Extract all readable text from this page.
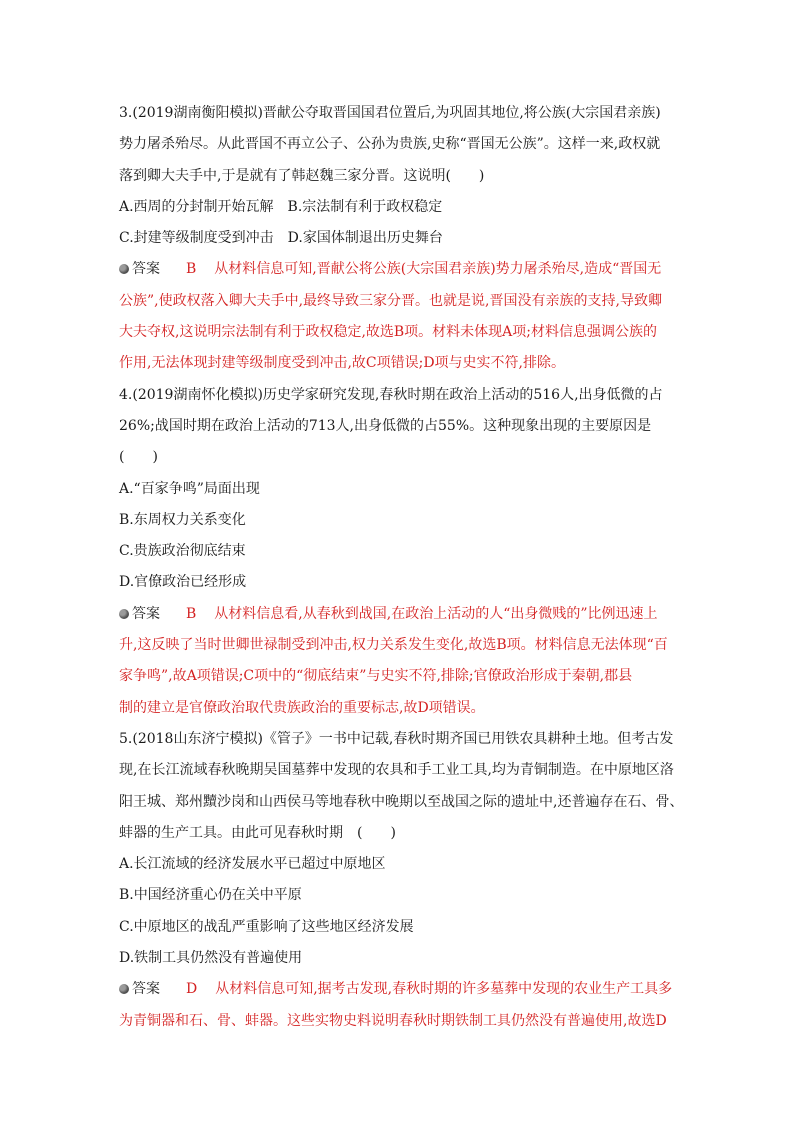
3.(2019湖南衡阳模拟)晋献公夺取晋国国君位置后,为巩固其地位,将公族(大宗国君亲族)
势力屠杀殆尽。从此晋国不再立公子、公孙为贵族,史称“晋国无公族”。这样一来,政权就
落到卿大夫手中,于是就有了韩赵魏三家分晋。这说明(　　)
A.西周的分封制开始瓦解　B.宗法制有利于政权稳定
C.封建等级制度受到冲击　D.家国体制退出历史舞台
答案 B 从材料信息可知,晋献公将公族(大宗国君亲族)势力屠杀殆尽,造成“晋国无
公族”,使政权落入卿大夫手中,最终导致三家分晋。也就是说,晋国没有亲族的支持,导致卿
大夫夺权,这说明宗法制有利于政权稳定,故选B项。材料未体现A项;材料信息强调公族的
作用,无法体现封建等级制度受到冲击,故C项错误;D项与史实不符,排除。
4.(2019湖南怀化模拟)历史学家研究发现,春秋时期在政治上活动的516人,出身低微的占
26%;战国时期在政治上活动的713人,出身低微的占55%。这种现象出现的主要原因是
(　　)
A.“百家争鸣”局面出现
B.东周权力关系变化
C.贵族政治彻底结束
D.官僚政治已经形成
答案 B 从材料信息看,从春秋到战国,在政治上活动的人“出身微贱的”比例迅速上
升,这反映了当时世卿世禄制受到冲击,权力关系发生变化,故选B项。材料信息无法体现“百
家争鸣”,故A项错误;C项中的“彻底结束”与史实不符,排除;官僚政治形成于秦朝,郡县
制的建立是官僚政治取代贵族政治的重要标志,故D项错误。
5.(2018山东济宁模拟)《管子》一书中记载,春秋时期齐国已用铁农具耕种土地。但考古发
现,在长江流域春秋晚期吴国墓葬中发现的农具和手工业工具,均为青铜制造。在中原地区洛
阳王城、郑州黷沙岗和山西侯马等地春秋中晚期以至战国之际的遗址中,还普遍存在石、骨、
蚌器的生产工具。由此可见春秋时期　(　　)
A.长江流域的经济发展水平已超过中原地区
B.中国经济重心仍在关中平原
C.中原地区的战乱严重影响了这些地区经济发展
D.铁制工具仍然没有普遍使用
答案 D 从材料信息可知,据考古发现,春秋时期的许多墓葬中发现的农业生产工具多
为青铜器和石、骨、蚌器。这些实物史料说明春秋时期铁制工具仍然没有普遍使用,故选D
